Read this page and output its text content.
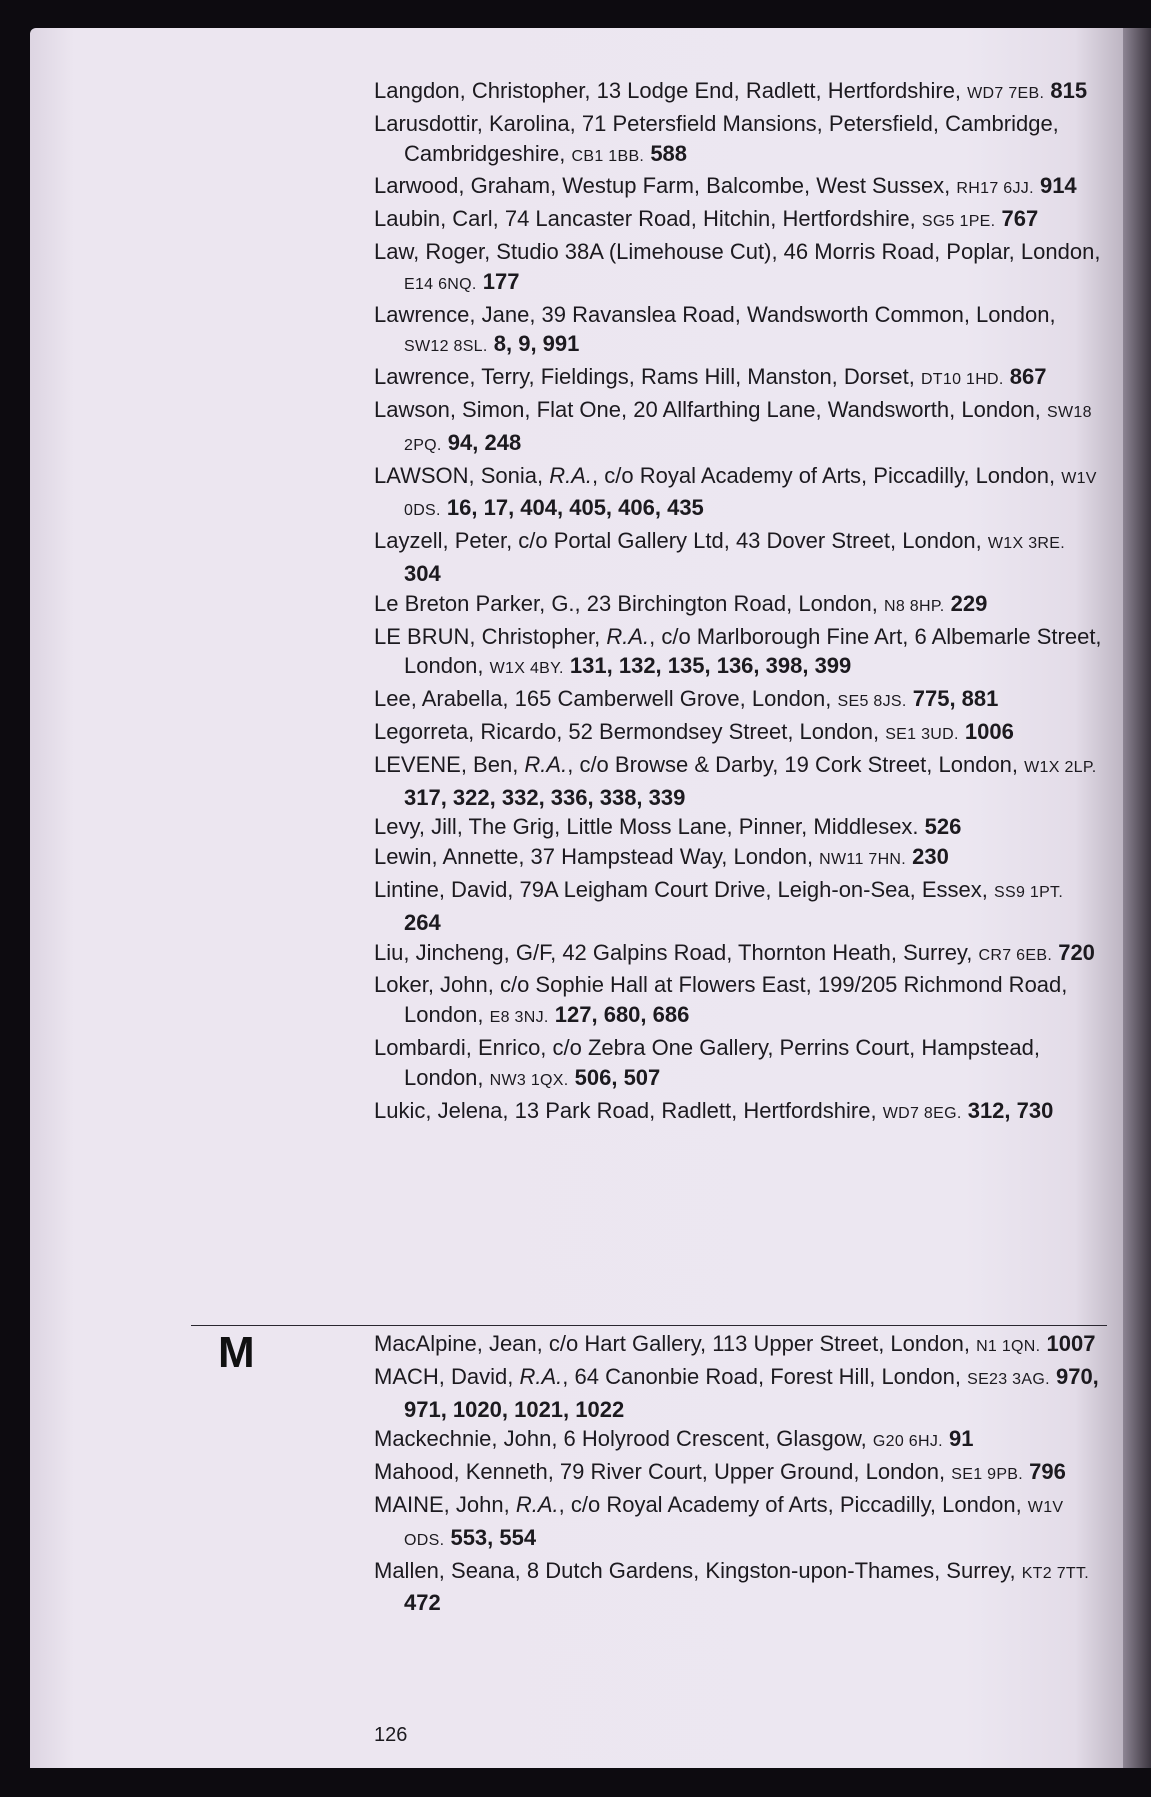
Langdon, Christopher, 13 Lodge End, Radlett, Hertfordshire, WD7 7EB. 815
Larusdottir, Karolina, 71 Petersfield Mansions, Petersfield, Cambridge, Cambridgeshire, CB1 1BB. 588
Larwood, Graham, Westup Farm, Balcombe, West Sussex, RH17 6JJ. 914
Laubin, Carl, 74 Lancaster Road, Hitchin, Hertfordshire, SG5 1PE. 767
Law, Roger, Studio 38A (Limehouse Cut), 46 Morris Road, Poplar, London, E14 6NQ. 177
Lawrence, Jane, 39 Ravanslea Road, Wandsworth Common, London, SW12 8SL. 8, 9, 991
Lawrence, Terry, Fieldings, Rams Hill, Manston, Dorset, DT10 1HD. 867
Lawson, Simon, Flat One, 20 Allfarthing Lane, Wandsworth, London, SW18 2PQ. 94, 248
LAWSON, Sonia, R.A., c/o Royal Academy of Arts, Piccadilly, London, W1V 0DS. 16, 17, 404, 405, 406, 435
Layzell, Peter, c/o Portal Gallery Ltd, 43 Dover Street, London, W1X 3RE. 304
Le Breton Parker, G., 23 Birchington Road, London, N8 8HP. 229
LE BRUN, Christopher, R.A., c/o Marlborough Fine Art, 6 Albemarle Street, London, W1X 4BY. 131, 132, 135, 136, 398, 399
Lee, Arabella, 165 Camberwell Grove, London, SE5 8JS. 775, 881
Legorreta, Ricardo, 52 Bermondsey Street, London, SE1 3UD. 1006
LEVENE, Ben, R.A., c/o Browse & Darby, 19 Cork Street, London, W1X 2LP. 317, 322, 332, 336, 338, 339
Levy, Jill, The Grig, Little Moss Lane, Pinner, Middlesex. 526
Lewin, Annette, 37 Hampstead Way, London, NW11 7HN. 230
Lintine, David, 79A Leigham Court Drive, Leigh-on-Sea, Essex, SS9 1PT. 264
Liu, Jincheng, G/F, 42 Galpins Road, Thornton Heath, Surrey, CR7 6EB. 720
Loker, John, c/o Sophie Hall at Flowers East, 199/205 Richmond Road, London, E8 3NJ. 127, 680, 686
Lombardi, Enrico, c/o Zebra One Gallery, Perrins Court, Hampstead, London, NW3 1QX. 506, 507
Lukic, Jelena, 13 Park Road, Radlett, Hertfordshire, WD7 8EG. 312, 730
M	MacAlpine, Jean, c/o Hart Gallery, 113 Upper Street, London, N1 1QN. 1007
MACH, David, R.A., 64 Canonbie Road, Forest Hill, London, SE23 3AG. 970, 971, 1020, 1021, 1022
Mackechnie, John, 6 Holyrood Crescent, Glasgow, G20 6HJ. 91
Mahood, Kenneth, 79 River Court, Upper Ground, London, SE1 9PB. 796
MAINE, John, R.A., c/o Royal Academy of Arts, Piccadilly, London, W1V ODS. 553, 554
Mallen, Seana, 8 Dutch Gardens, Kingston-upon-Thames, Surrey, KT2 7TT. 472
126
